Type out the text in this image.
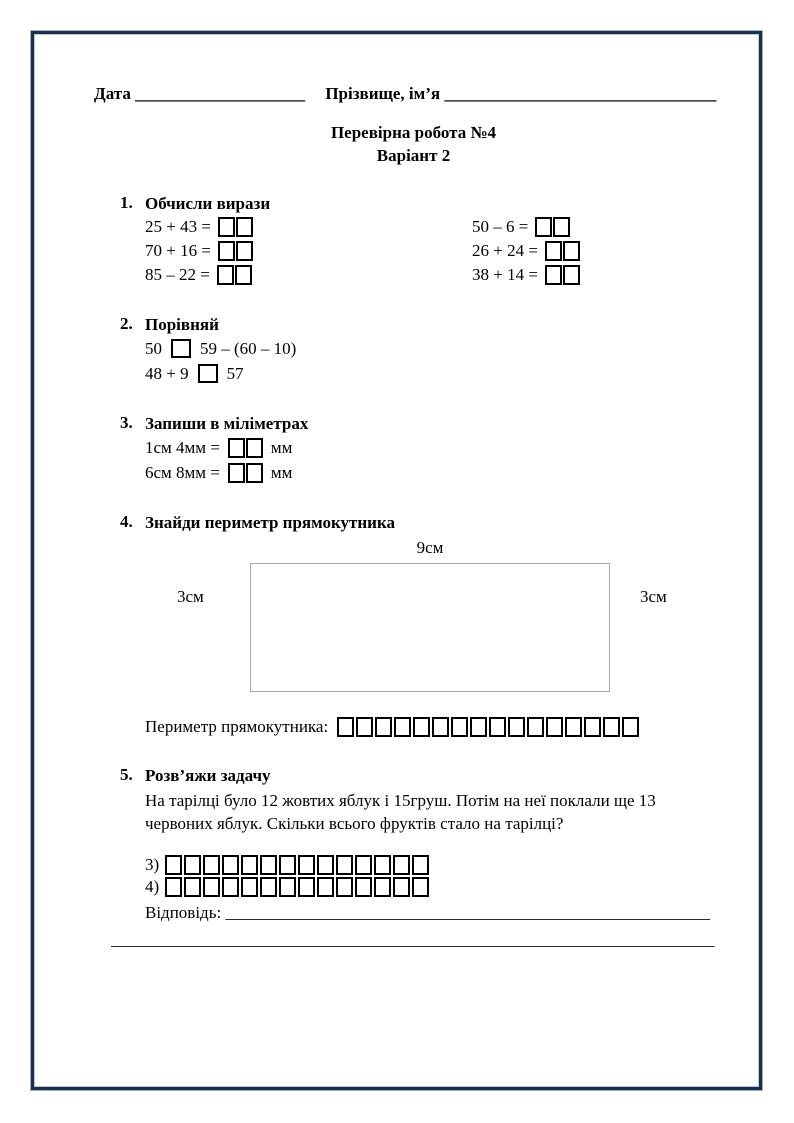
Дата ____________________ Прізвище, ім’я ________________________________
Перевірна робота №4
Варіант 2
1. Обчисли вирази
25 + 43 =
70 + 16 =
85 – 22 =
50 – 6 =
26 + 24 =
38 + 14 =
2. Порівняй
50 59 – (60 – 10)
48 + 9 57
3. Запиши в міліметрах
1см 4мм =	мм
6см 8мм =	мм
4. Знайди периметр прямокутника
9см
3см	3см
Периметр прямокутника:
5. Розв’яжи задачу
На тарілці було 12 жовтих яблук і 15груш. Потім на неї поклали ще 13 червоних яблук. Скільки всього фруктів стало на тарілці?
3)
4)
Відповідь: _________________________________________________________
_______________________________________________________________________
